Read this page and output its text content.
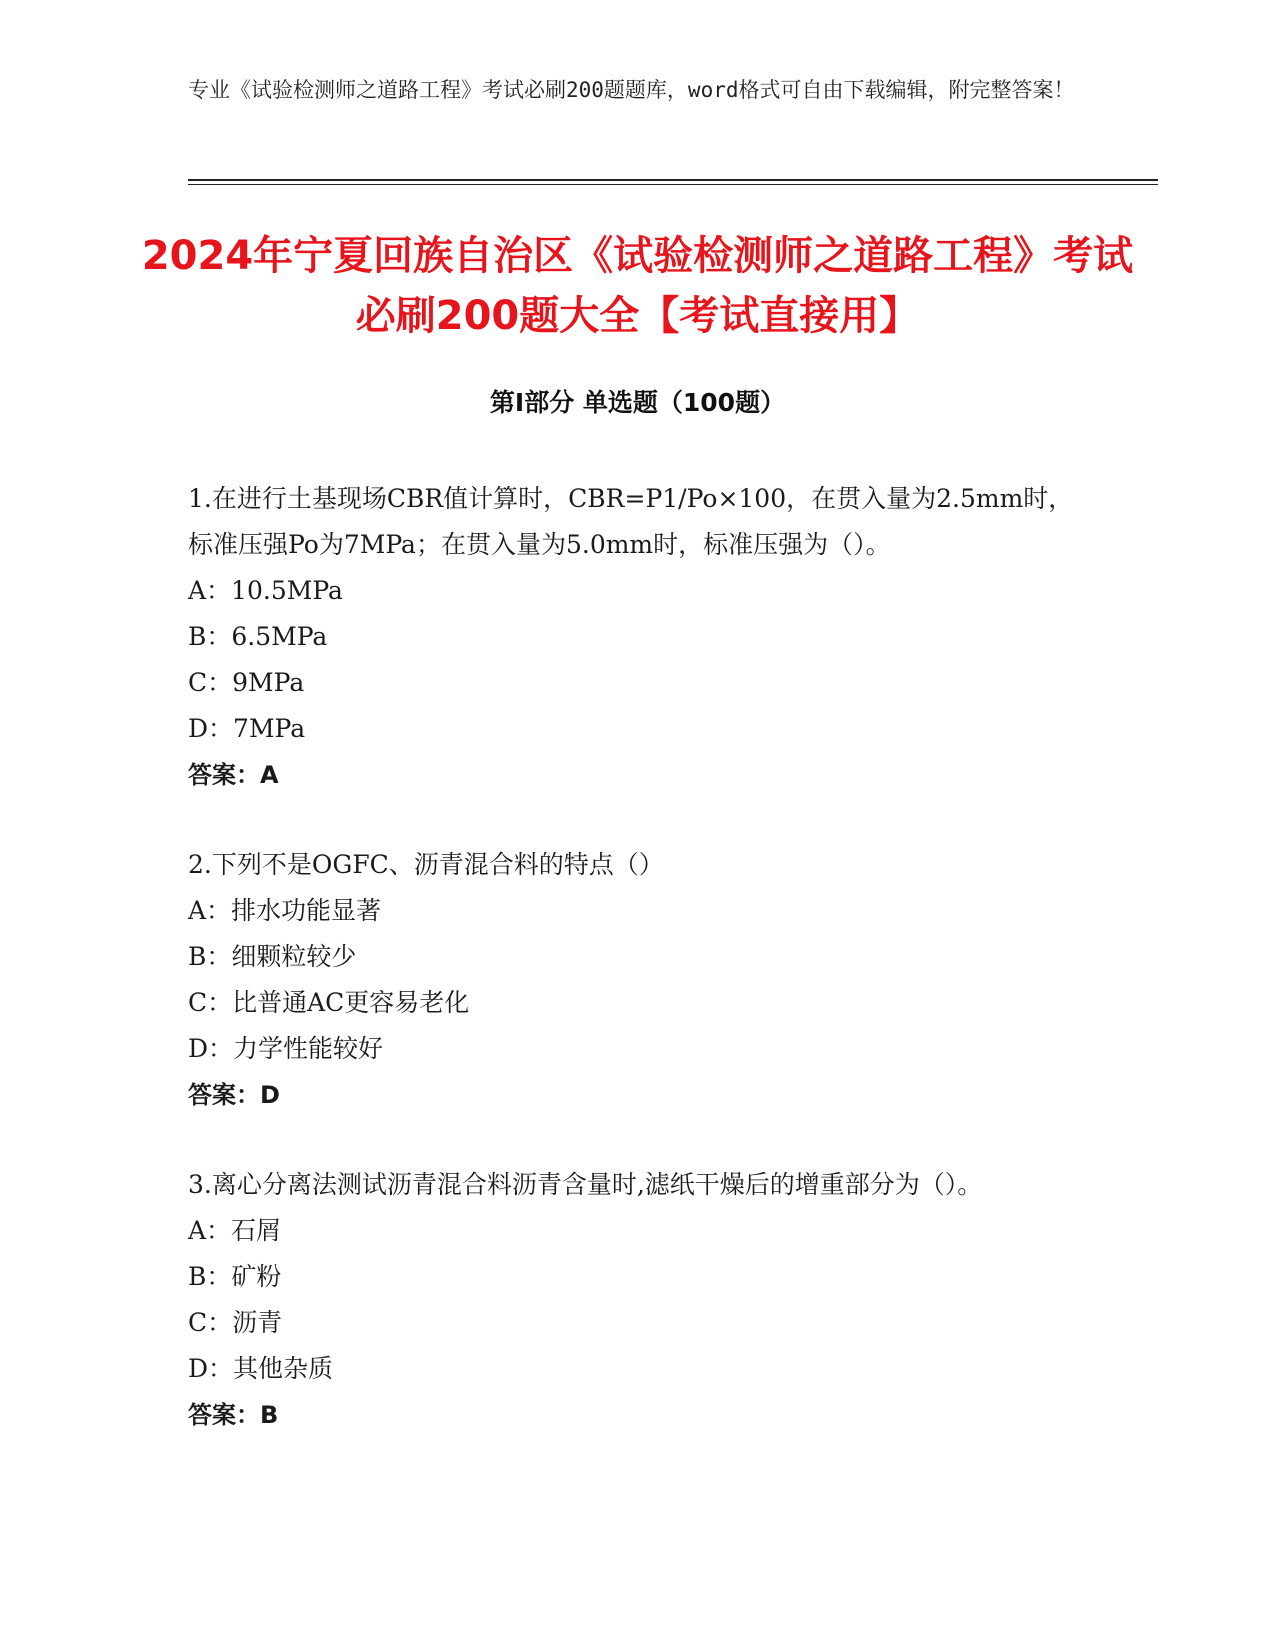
专业《试验检测师之道路工程》考试必刷200题题库，word格式可自由下载编辑，附完整答案！
2024年宁夏回族自治区《试验检测师之道路工程》考试必刷200题大全【考试直接用】
第I部分 单选题（100题）
1.在进行土基现场CBR值计算时，CBR=P1/Po×100，在贯入量为2.5mm时，标准压强Po为7MPa；在贯入量为5.0mm时，标准压强为（）。
A：10.5MPa
B：6.5MPa
C：9MPa
D：7MPa
答案：A
2.下列不是OGFC、沥青混合料的特点（）
A：排水功能显著
B：细颗粒较少
C：比普通AC更容易老化
D：力学性能较好
答案：D
3.离心分离法测试沥青混合料沥青含量时,滤纸干燥后的增重部分为（）。
A：石屑
B：矿粉
C：沥青
D：其他杂质
答案：B
